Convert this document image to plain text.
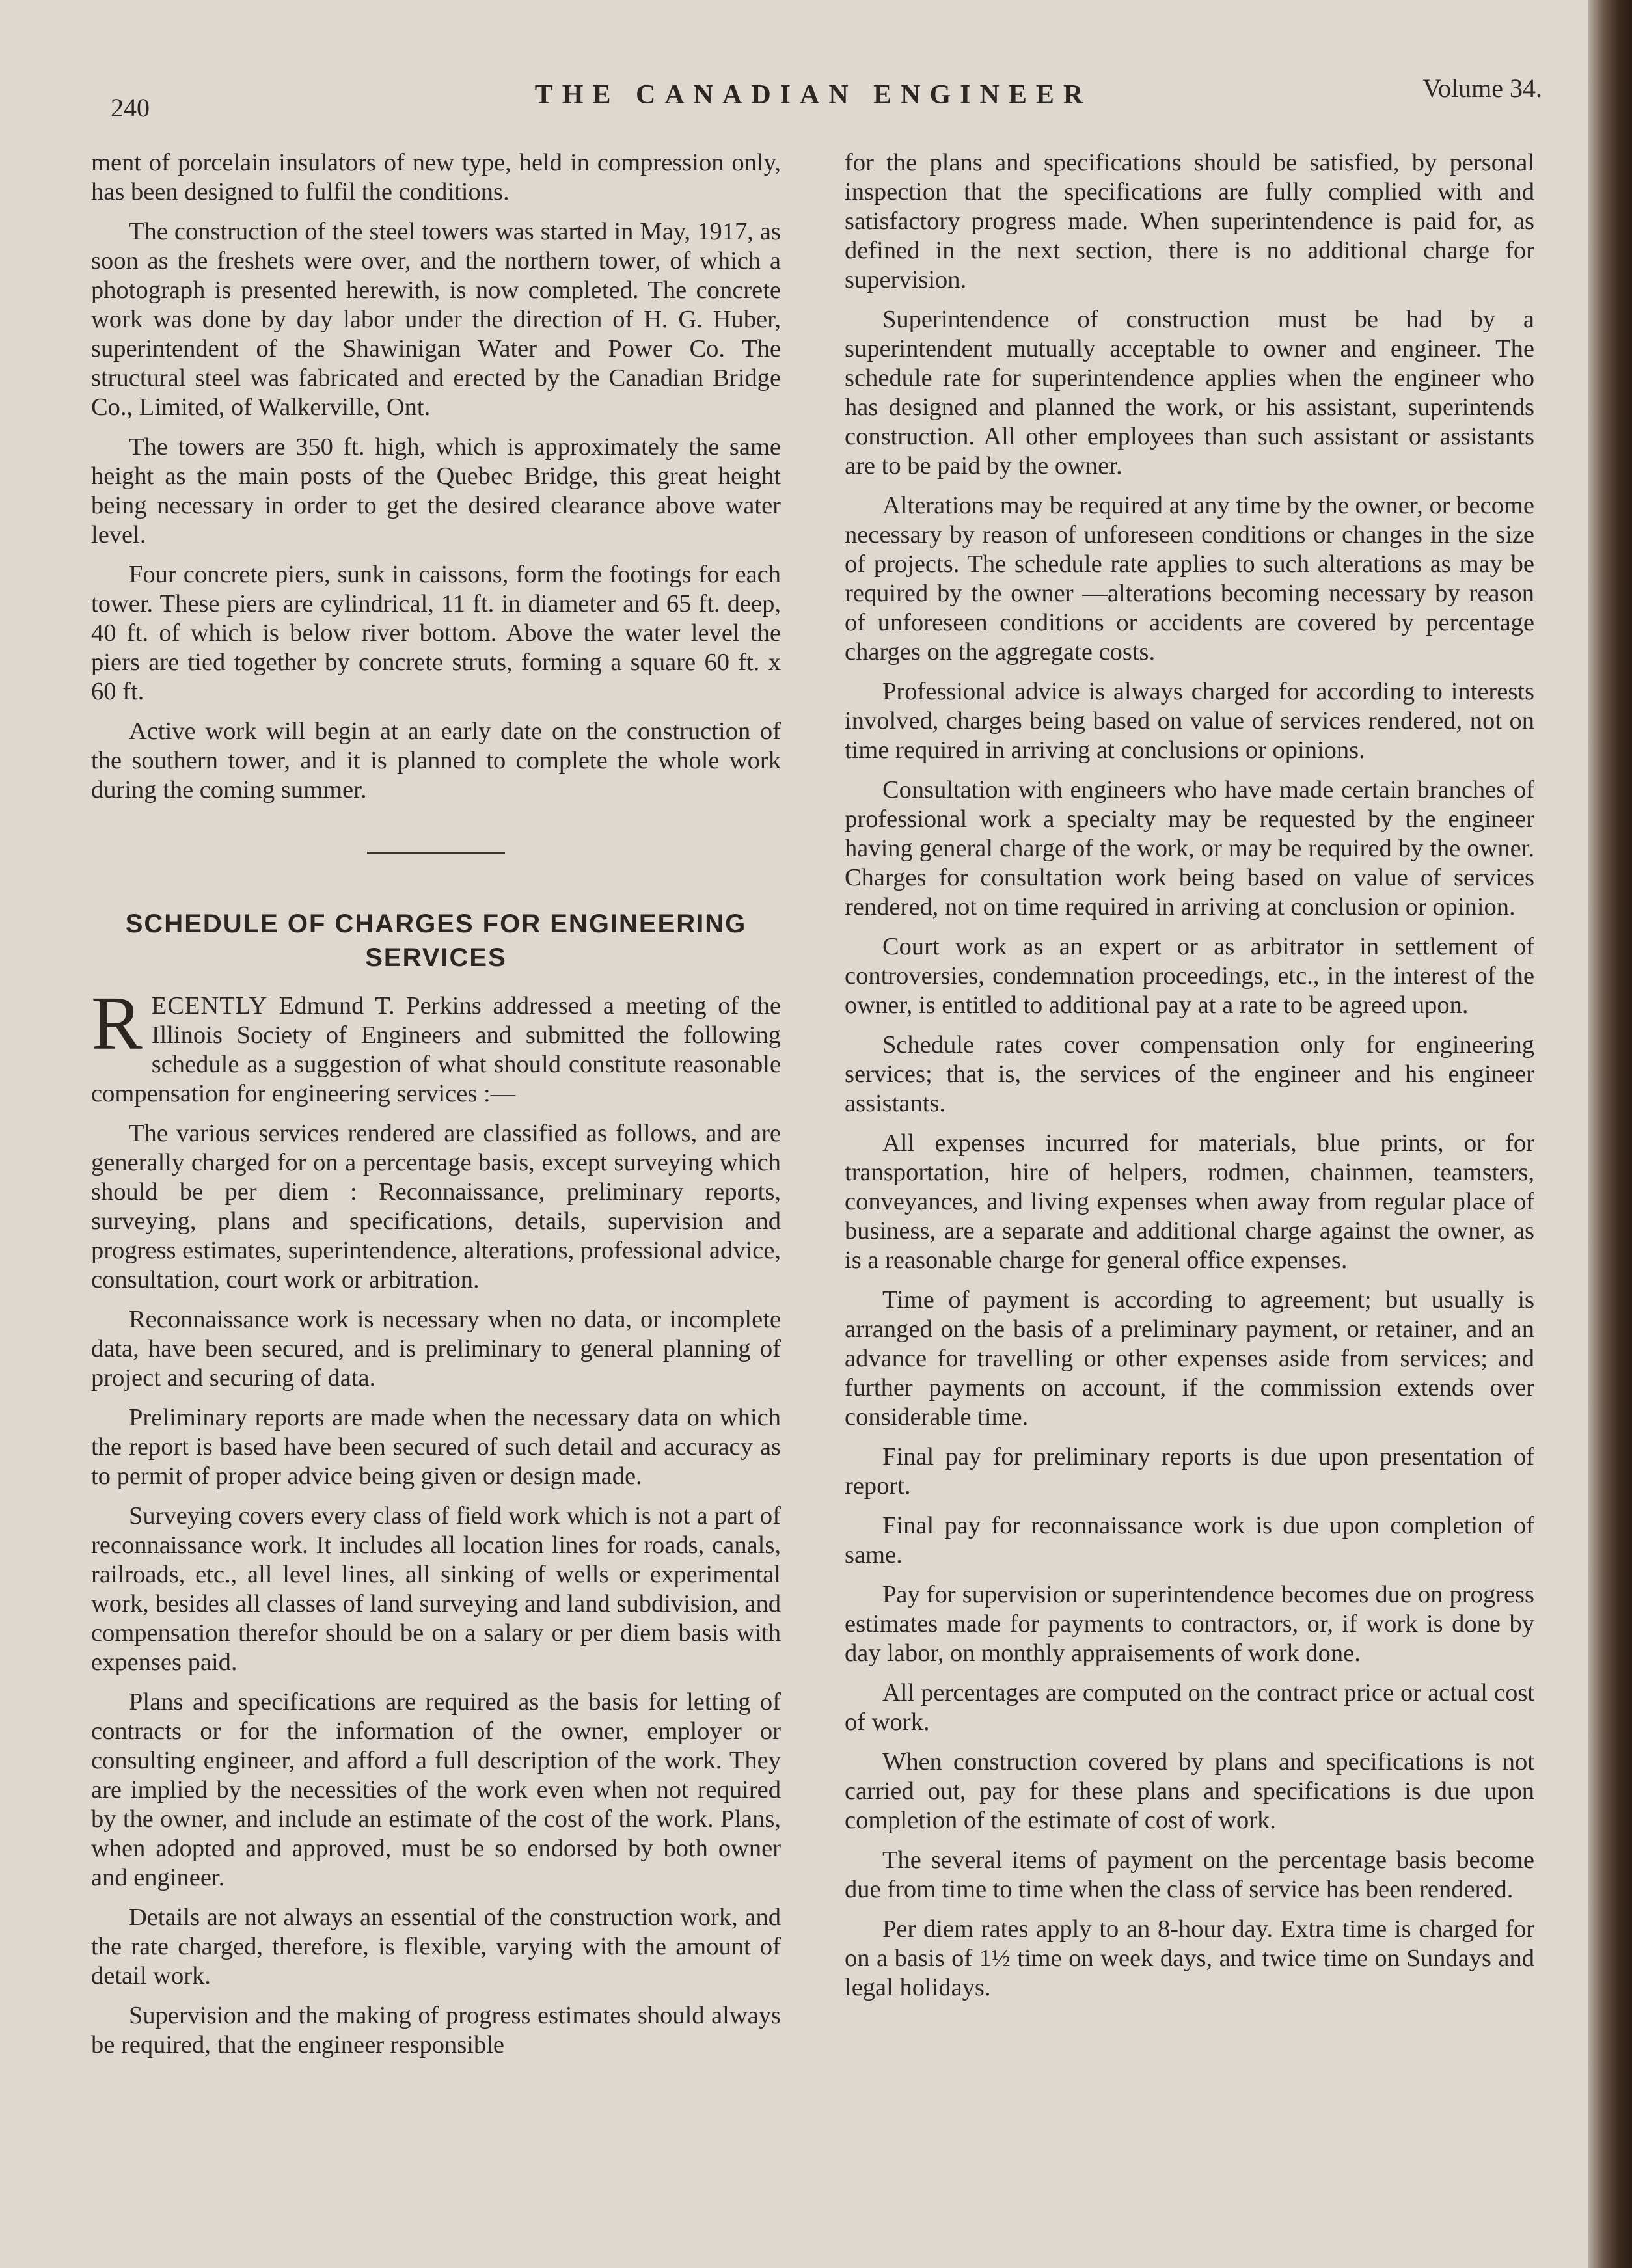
240	THE CANADIAN ENGINEER	Volume 34.

ment of porcelain insulators of new type, held in compression only, has been designed to fulfil the conditions.

The construction of the steel towers was started in May, 1917, as soon as the freshets were over, and the northern tower, of which a photograph is presented herewith, is now completed. The concrete work was done by day labor under the direction of H. G. Huber, superintendent of the Shawinigan Water and Power Co. The structural steel was fabricated and erected by the Canadian Bridge Co., Limited, of Walkerville, Ont.

The towers are 350 ft. high, which is approximately the same height as the main posts of the Quebec Bridge, this great height being necessary in order to get the desired clearance above water level.

Four concrete piers, sunk in caissons, form the footings for each tower. These piers are cylindrical, 11 ft. in diameter and 65 ft. deep, 40 ft. of which is below river bottom. Above the water level the piers are tied together by concrete struts, forming a square 60 ft. x 60 ft.

Active work will begin at an early date on the construction of the southern tower, and it is planned to complete the whole work during the coming summer.

SCHEDULE OF CHARGES FOR ENGINEERING
SERVICES

RECENTLY Edmund T. Perkins addressed a meeting of the Illinois Society of Engineers and submitted the following schedule as a suggestion of what should constitute reasonable compensation for engineering services :—

The various services rendered are classified as follows, and are generally charged for on a percentage basis, except surveying which should be per diem : Reconnaissance, preliminary reports, surveying, plans and specifications, details, supervision and progress estimates, superintendence, alterations, professional advice, consultation, court work or arbitration.

Reconnaissance work is necessary when no data, or incomplete data, have been secured, and is preliminary to general planning of project and securing of data.

Preliminary reports are made when the necessary data on which the report is based have been secured of such detail and accuracy as to permit of proper advice being given or design made.

Surveying covers every class of field work which is not a part of reconnaissance work. It includes all location lines for roads, canals, railroads, etc., all level lines, all sinking of wells or experimental work, besides all classes of land surveying and land subdivision, and compensation therefor should be on a salary or per diem basis with expenses paid.

Plans and specifications are required as the basis for letting of contracts or for the information of the owner, employer or consulting engineer, and afford a full description of the work. They are implied by the necessities of the work even when not required by the owner, and include an estimate of the cost of the work. Plans, when adopted and approved, must be so endorsed by both owner and engineer.

Details are not always an essential of the construction work, and the rate charged, therefore, is flexible, varying with the amount of detail work.

Supervision and the making of progress estimates should always be required, that the engineer responsible

for the plans and specifications should be satisfied, by personal inspection that the specifications are fully complied with and satisfactory progress made. When superintendence is paid for, as defined in the next section, there is no additional charge for supervision.

Superintendence of construction must be had by a superintendent mutually acceptable to owner and engineer. The schedule rate for superintendence applies when the engineer who has designed and planned the work, or his assistant, superintends construction. All other employees than such assistant or assistants are to be paid by the owner.

Alterations may be required at any time by the owner, or become necessary by reason of unforeseen conditions or changes in the size of projects. The schedule rate applies to such alterations as may be required by the owner —alterations becoming necessary by reason of unforeseen conditions or accidents are covered by percentage charges on the aggregate costs.

Professional advice is always charged for according to interests involved, charges being based on value of services rendered, not on time required in arriving at conclusions or opinions.

Consultation with engineers who have made certain branches of professional work a specialty may be requested by the engineer having general charge of the work, or may be required by the owner. Charges for consultation work being based on value of services rendered, not on time required in arriving at conclusion or opinion.

Court work as an expert or as arbitrator in settlement of controversies, condemnation proceedings, etc., in the interest of the owner, is entitled to additional pay at a rate to be agreed upon.

Schedule rates cover compensation only for engineering services; that is, the services of the engineer and his engineer assistants.

All expenses incurred for materials, blue prints, or for transportation, hire of helpers, rodmen, chainmen, teamsters, conveyances, and living expenses when away from regular place of business, are a separate and additional charge against the owner, as is a reasonable charge for general office expenses.

Time of payment is according to agreement; but usually is arranged on the basis of a preliminary payment, or retainer, and an advance for travelling or other expenses aside from services; and further payments on account, if the commission extends over considerable time.

Final pay for preliminary reports is due upon presentation of report.

Final pay for reconnaissance work is due upon completion of same.

Pay for supervision or superintendence becomes due on progress estimates made for payments to contractors, or, if work is done by day labor, on monthly appraisements of work done.

All percentages are computed on the contract price or actual cost of work.

When construction covered by plans and specifications is not carried out, pay for these plans and specifications is due upon completion of the estimate of cost of work.

The several items of payment on the percentage basis become due from time to time when the class of service has been rendered.

Per diem rates apply to an 8-hour day. Extra time is charged for on a basis of 1½ time on week days, and twice time on Sundays and legal holidays.
